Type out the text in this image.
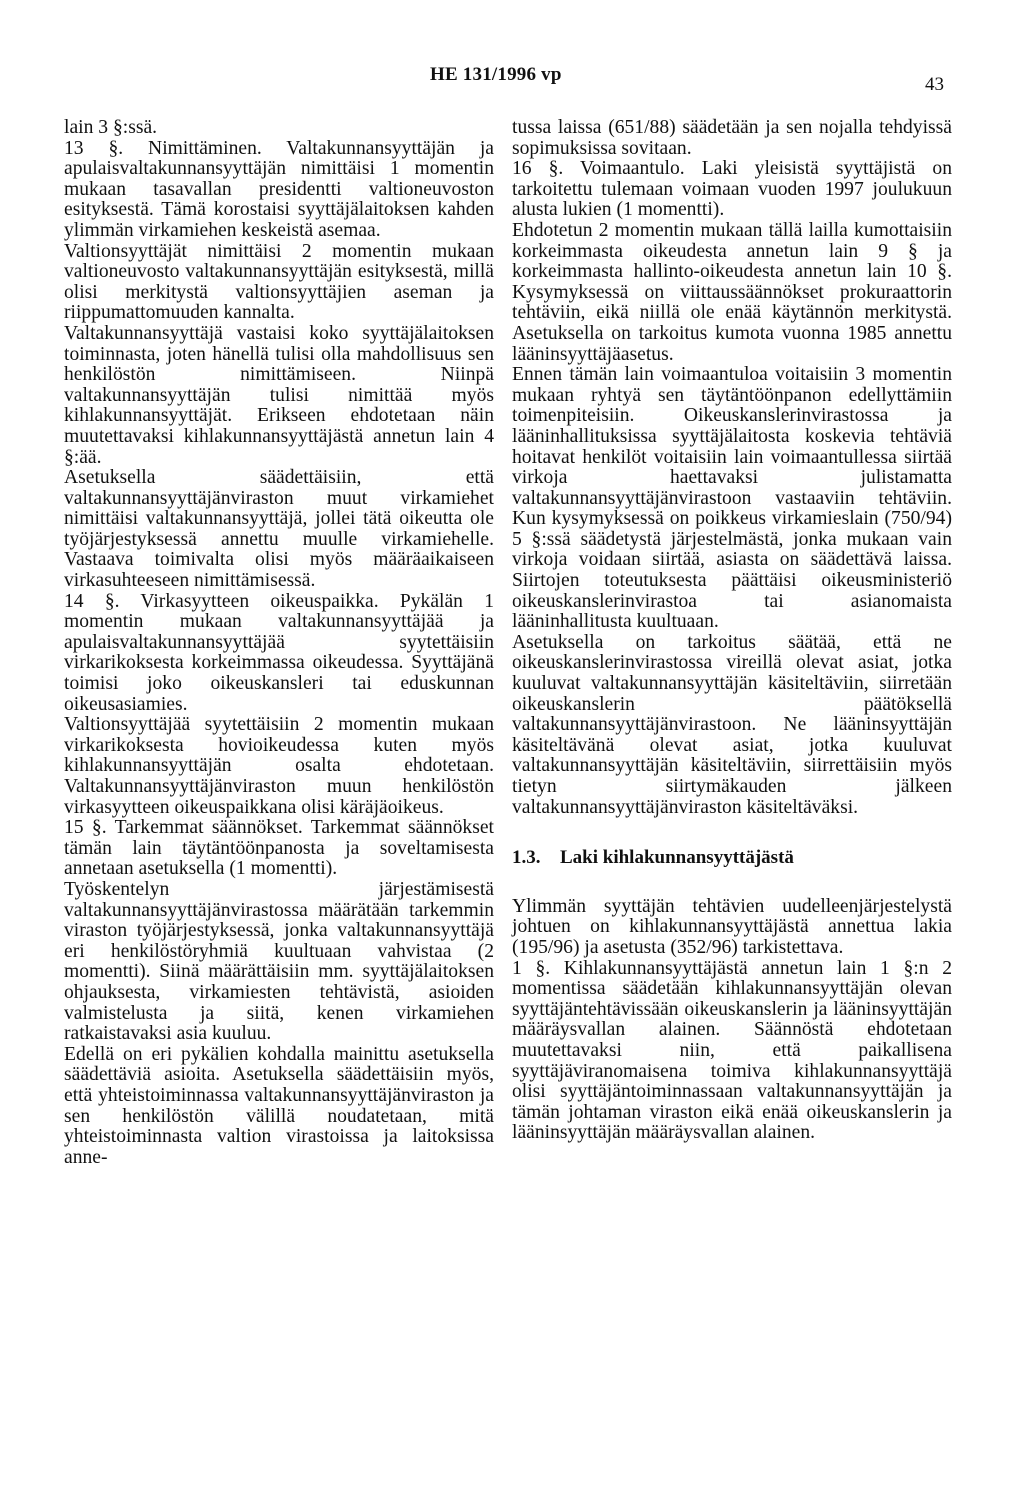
HE 131/1996 vp	43

lain 3 §:ssä.

13 §. Nimittäminen. Valtakunnansyyttäjän ja apulaisvaltakunnansyyttäjän nimittäisi 1 momentin mukaan tasavallan presidentti valtioneuvoston esityksestä. Tämä korostaisi syyttäjälaitoksen kahden ylimmän virkamiehen keskeistä asemaa.

Valtionsyyttäjät nimittäisi 2 momentin mukaan valtioneuvosto valtakunnansyyttäjän esityksestä, millä olisi merkitystä valtionsyyttäjien aseman ja riippumattomuuden kannalta.

Valtakunnansyyttäjä vastaisi koko syyttäjälaitoksen toiminnasta, joten hänellä tulisi olla mahdollisuus sen henkilöstön nimittämiseen. Niinpä valtakunnansyyttäjän tulisi nimittää myös kihlakunnansyyttäjät. Erikseen ehdotetaan näin muutettavaksi kihlakunnansyyttäjästä annetun lain 4 §:ää.

Asetuksella säädettäisiin, että valtakunnansyyttäjänviraston muut virkamiehet nimittäisi valtakunnansyyttäjä, jollei tätä oikeutta ole työjärjestyksessä annettu muulle virkamiehelle. Vastaava toimivalta olisi myös määräaikaiseen virkasuhteeseen nimittämisessä.

14 §. Virkasyytteen oikeuspaikka. Pykälän 1 momentin mukaan valtakunnansyyttäjää ja apulaisvaltakunnansyyttäjää syytettäisiin virkarikoksesta korkeimmassa oikeudessa. Syyttäjänä toimisi joko oikeuskansleri tai eduskunnan oikeusasiamies.

Valtionsyyttäjää syytettäisiin 2 momentin mukaan virkarikoksesta hovioikeudessa kuten myös kihlakunnansyyttäjän osalta ehdotetaan. Valtakunnansyyttäjänviraston muun henkilöstön virkasyytteen oikeuspaikkana olisi käräjäoikeus.

15 §. Tarkemmat säännökset. Tarkemmat säännökset tämän lain täytäntöönpanosta ja soveltamisesta annetaan asetuksella (1 momentti).

Työskentelyn järjestämisestä valtakunnansyyttäjänvirastossa määrätään tarkemmin viraston työjärjestyksessä, jonka valtakunnansyyttäjä eri henkilöstöryhmiä kuultuaan vahvistaa (2 momentti). Siinä määrättäisiin mm. syyttäjälaitoksen ohjauksesta, virkamiesten tehtävistä, asioiden valmistelusta ja siitä, kenen virkamiehen ratkaistavaksi asia kuuluu.

Edellä on eri pykälien kohdalla mainittu asetuksella säädettäviä asioita. Asetuksella säädettäisiin myös, että yhteistoiminnassa valtakunnansyyttäjänviraston ja sen henkilöstön välillä noudatetaan, mitä yhteistoiminnasta valtion virastoissa ja laitoksissa anne-

tussa laissa (651/88) säädetään ja sen nojalla tehdyissä sopimuksissa sovitaan.

16 §. Voimaantulo. Laki yleisistä syyttäjistä on tarkoitettu tulemaan voimaan vuoden 1997 joulukuun alusta lukien (1 momentti).

Ehdotetun 2 momentin mukaan tällä lailla kumottaisiin korkeimmasta oikeudesta annetun lain 9 § ja korkeimmasta hallinto-oikeudesta annetun lain 10 §. Kysymyksessä on viittaussäännökset prokuraattorin tehtäviin, eikä niillä ole enää käytännön merkitystä. Asetuksella on tarkoitus kumota vuonna 1985 annettu lääninsyyttäjäasetus.

Ennen tämän lain voimaantuloa voitaisiin 3 momentin mukaan ryhtyä sen täytäntöönpanon edellyttämiin toimenpiteisiin. Oikeuskanslerinvirastossa ja lääninhallituksissa syyttäjälaitosta koskevia tehtäviä hoitavat henkilöt voitaisiin lain voimaantullessa siirtää virkoja haettavaksi julistamatta valtakunnansyyttäjänvirastoon vastaaviin tehtäviin. Kun kysymyksessä on poikkeus virkamieslain (750/94) 5 §:ssä säädetystä järjestelmästä, jonka mukaan vain virkoja voidaan siirtää, asiasta on säädettävä laissa. Siirtojen toteutuksesta päättäisi oikeusministeriö oikeuskanslerinvirastoa tai asianomaista lääninhallitusta kuultuaan.

Asetuksella on tarkoitus säätää, että ne oikeuskanslerinvirastossa vireillä olevat asiat, jotka kuuluvat valtakunnansyyttäjän käsiteltäviin, siirretään oikeuskanslerin päätöksellä valtakunnansyyttäjänvirastoon. Ne lääninsyyttäjän käsiteltävänä olevat asiat, jotka kuuluvat valtakunnansyyttäjän käsiteltäviin, siirrettäisiin myös tietyn siirtymäkauden jälkeen valtakunnansyyttäjänviraston käsiteltäväksi.

1.3. Laki kihlakunnansyyttäjästä

Ylimmän syyttäjän tehtävien uudelleenjärjestelystä johtuen on kihlakunnansyyttäjästä annettua lakia (195/96) ja asetusta (352/96) tarkistettava.

1 §. Kihlakunnansyyttäjästä annetun lain 1 §:n 2 momentissa säädetään kihlakunnansyyttäjän olevan syyttäjäntehtävissään oikeuskanslerin ja lääninsyyttäjän määräysvallan alainen. Säännöstä ehdotetaan muutettavaksi niin, että paikallisena syyttäjäviranomaisena toimiva kihlakunnansyyttäjä olisi syyttäjäntoiminnassaan valtakunnansyyttäjän ja tämän johtaman viraston eikä enää oikeuskanslerin ja lääninsyyttäjän määräysvallan alainen.
